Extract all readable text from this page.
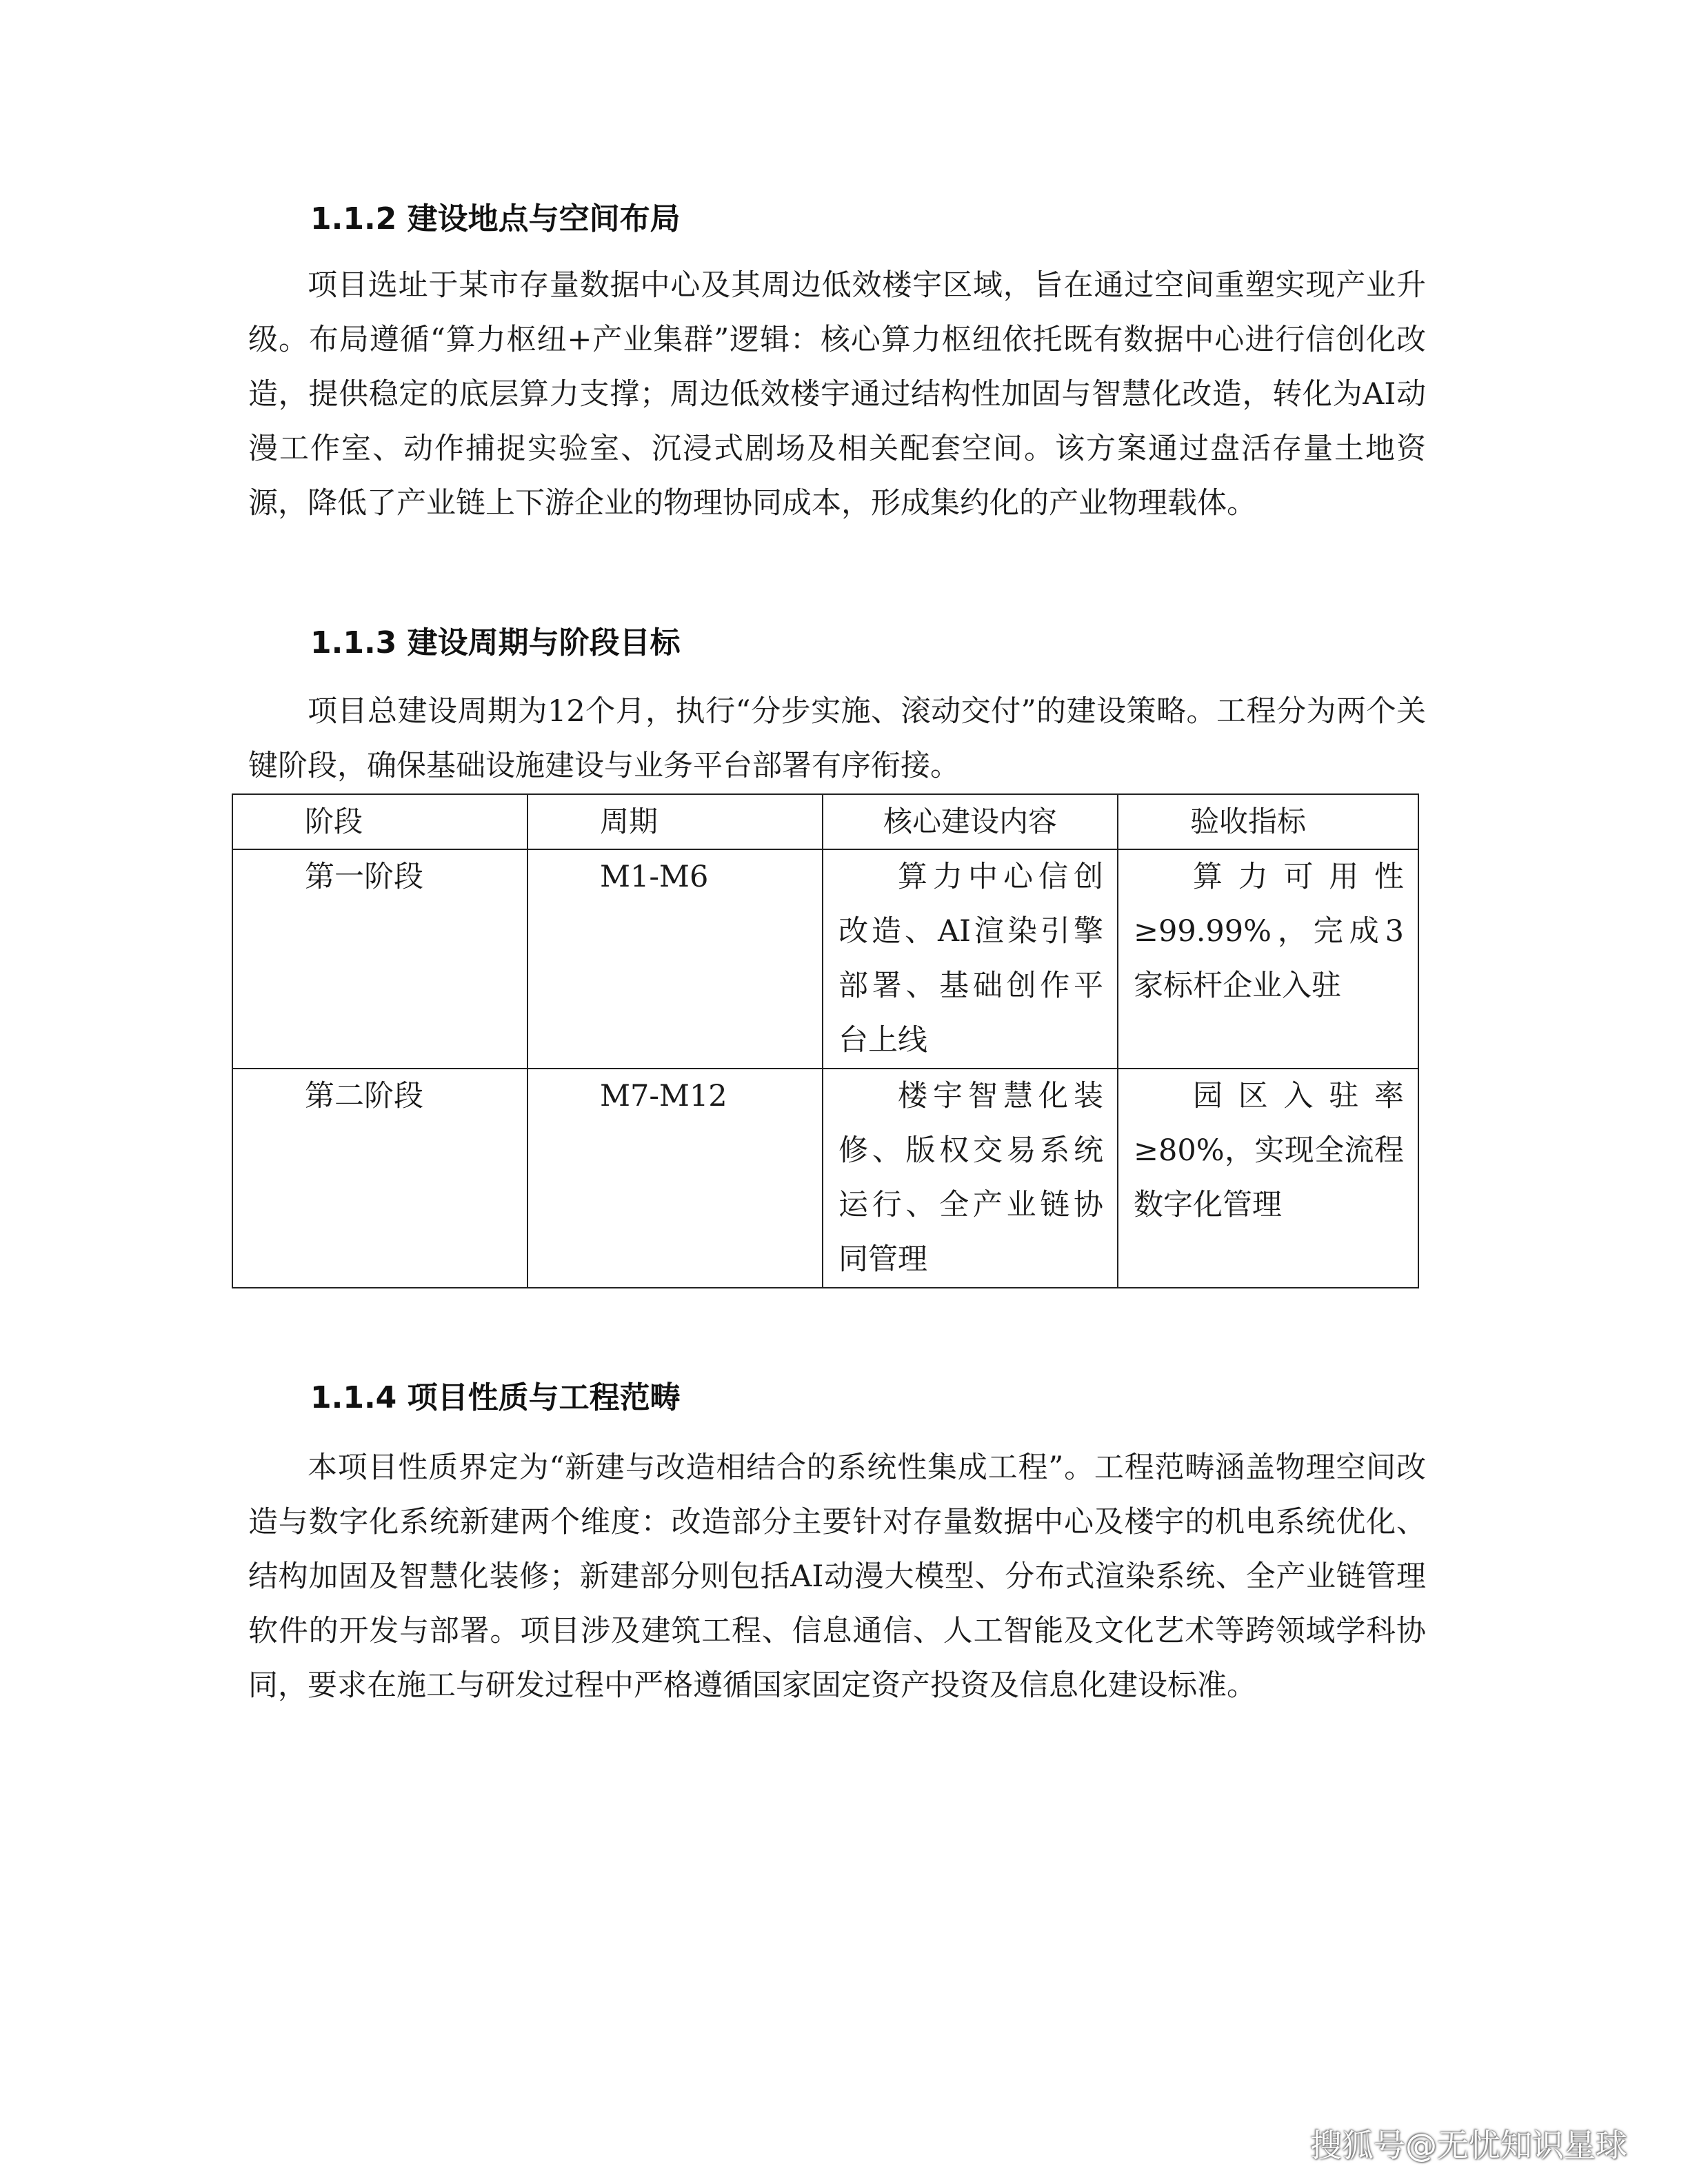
1.1.2 建设地点与空间布局

项目选址于某市存量数据中心及其周边低效楼宇区域，旨在通过空间重塑实现产业升级。布局遵循“算力枢纽+产业集群”逻辑：核心算力枢纽依托既有数据中心进行信创化改造，提供稳定的底层算力支撑；周边低效楼宇通过结构性加固与智慧化改造，转化为AI动漫工作室、动作捕捉实验室、沉浸式剧场及相关配套空间。该方案通过盘活存量土地资源，降低了产业链上下游企业的物理协同成本，形成集约化的产业物理载体。

1.1.3 建设周期与阶段目标

项目总建设周期为12个月，执行“分步实施、滚动交付”的建设策略。工程分为两个关键阶段，确保基础设施建设与业务平台部署有序衔接。

阶段	周期	核心建设内容	验收指标
第一阶段	M1-M6	算力中心信创改造、AI渲染引擎部署、基础创作平台上线	算力可用性≥99.99%，完成3家标杆企业入驻
第二阶段	M7-M12	楼宇智慧化装修、版权交易系统运行、全产业链协同管理	园区入驻率≥80%，实现全流程数字化管理
1.1.4 项目性质与工程范畴

本项目性质界定为“新建与改造相结合的系统性集成工程”。工程范畴涵盖物理空间改造与数字化系统新建两个维度：改造部分主要针对存量数据中心及楼宇的机电系统优化、结构加固及智慧化装修；新建部分则包括AI动漫大模型、分布式渲染系统、全产业链管理软件的开发与部署。项目涉及建筑工程、信息通信、人工智能及文化艺术等跨领域学科协同，要求在施工与研发过程中严格遵循国家固定资产投资及信息化建设标准。

搜狐号@无忧知识星球
